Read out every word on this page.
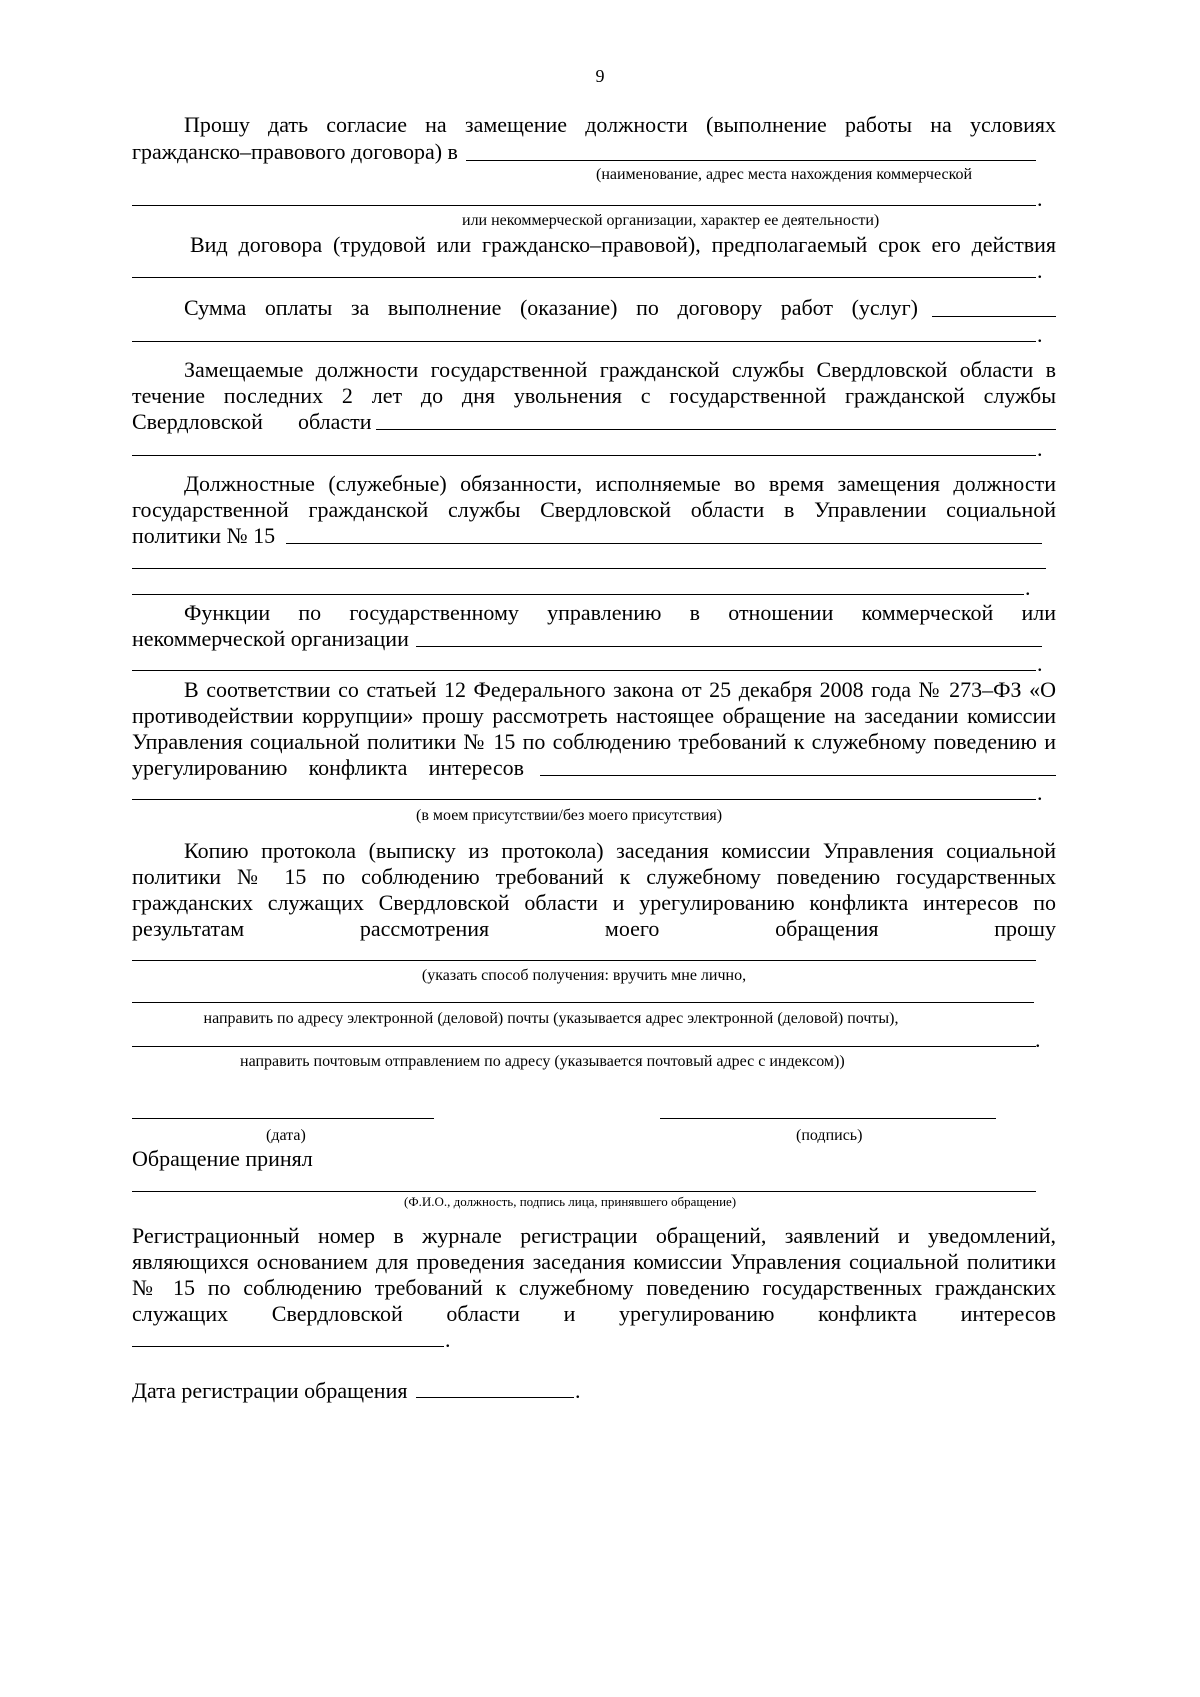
9
Прошу дать согласие на замещение должности (выполнение работы на условиях
гражданско–правового договора) в
(наименование, адрес места нахождения коммерческой
.
или некоммерческой организации, характер ее деятельности)
Вид договора (трудовой или гражданско–правовой), предполагаемый срок его действия
.
Сумма оплаты за выполнение (оказание) по договору работ (услуг)
.
Замещаемые должности государственной гражданской службы Свердловской области в
течение последних 2 лет до дня увольнения с государственной гражданской службы
Свердловской области
.
Должностные (служебные) обязанности, исполняемые во время замещения должности
государственной гражданской службы Свердловской области в Управлении социальной
политики № 15
.
Функции по государственному управлению в отношении коммерческой или
некоммерческой организации
.
В соответствии со статьей 12 Федерального закона от 25 декабря 2008 года № 273–ФЗ «О
противодействии коррупции» прошу рассмотреть настоящее обращение на заседании комиссии
Управления социальной политики № 15 по соблюдению требований к служебному поведению и
урегулированию конфликта интересов
.
(в моем присутствии/без моего присутствия)
Копию протокола (выписку из протокола) заседания комиссии Управления социальной
политики № 15 по соблюдению требований к служебному поведению государственных
гражданских служащих Свердловской области и урегулированию конфликта интересов по
результатам рассмотрения моего обращения прошу
(указать способ получения: вручить мне лично,
направить по адресу электронной (деловой) почты (указывается адрес электронной (деловой) почты),
.
направить почтовым отправлением по адресу (указывается почтовый адрес с индексом))
(дата)	(подпись)
Обращение принял
(Ф.И.О., должность, подпись лица, принявшего обращение)
Регистрационный номер в журнале регистрации обращений, заявлений и уведомлений,
являющихся основанием для проведения заседания комиссии Управления социальной политики
№ 15 по соблюдению требований к служебному поведению государственных гражданских
служащих Свердловской области и урегулированию конфликта интересов
.
Дата регистрации обращения	.
